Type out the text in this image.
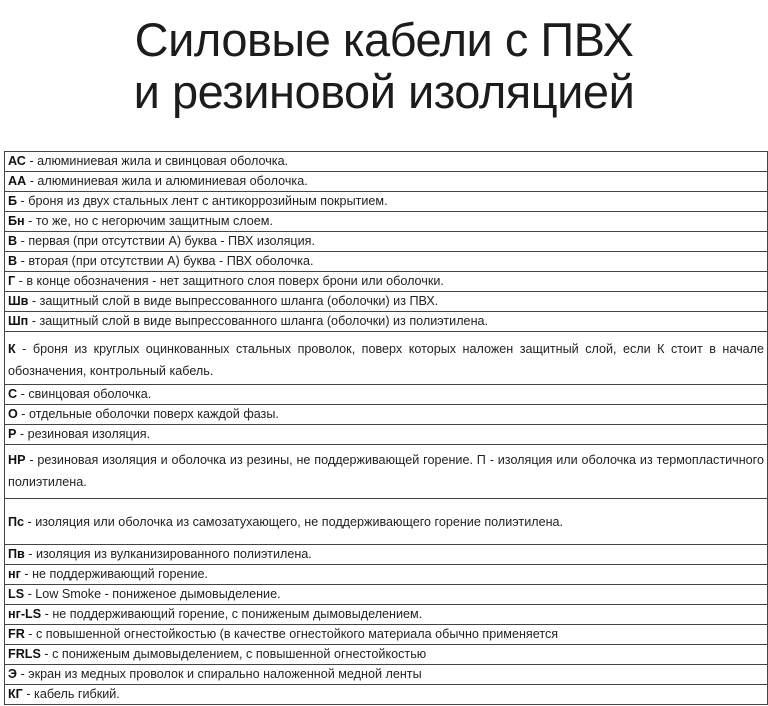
Силовые кабели с ПВХ
и резиновой изоляцией
АС - алюминиевая жила и свинцовая оболочка.
АА - алюминиевая жила и алюминиевая оболочка.
Б - броня из двух стальных лент с антикоррозийным покрытием.
Бн - то же, но с негорючим защитным слоем.
В - первая (при отсутствии А) буква - ПВХ изоляция.
В - вторая (при отсутствии А) буква - ПВХ оболочка.
Г - в конце обозначения - нет защитного слоя поверх брони или оболочки.
Шв - защитный слой в виде выпрессованного шланга (оболочки) из ПВХ.
Шп - защитный слой в виде выпрессованного шланга (оболочки) из полиэтилена.
К - броня из круглых оцинкованных стальных проволок, поверх которых наложен защитный слой, если К стоит в начале обозначения, контрольный кабель.
С - свинцовая оболочка.
О - отдельные оболочки поверх каждой фазы.
Р - резиновая изоляция.
НР - резиновая изоляция и оболочка из резины, не поддерживающей горение. П - изоляция или оболочка из термопластичного полиэтилена.
Пс - изоляция или оболочка из самозатухающего, не поддерживающего горение полиэтилена.
Пв - изоляция из вулканизированного полиэтилена.
нг - не поддерживающий горение.
LS - Low Smoke - пониженое дымовыделение.
нг-LS - не поддерживающий горение, с пониженым дымовыделением.
FR - с повышенной огнестойкостью (в качестве огнестойкого материала обычно применяется
FRLS - с пониженым дымовыделением, с повышенной огнестойкостью
Э - экран из медных проволок и спирально наложенной медной ленты
КГ - кабель гибкий.
